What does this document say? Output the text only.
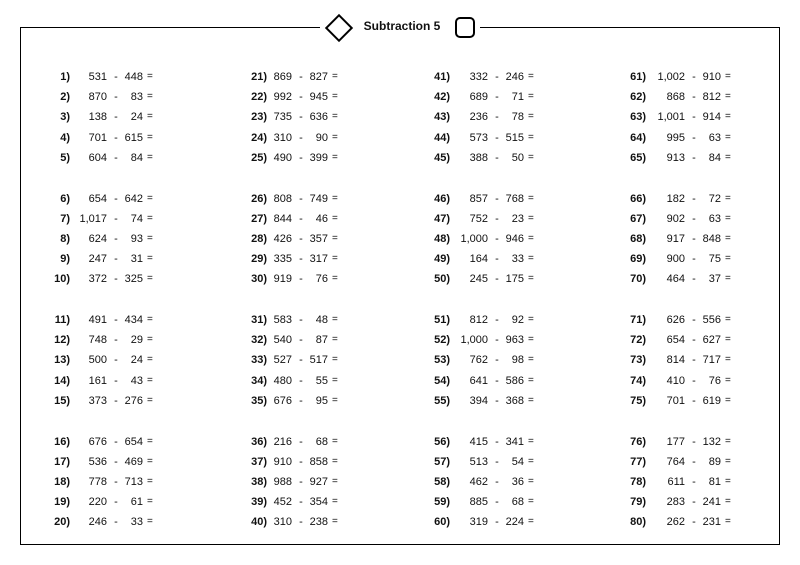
Subtraction 5
1)	531 - 448 =
2)	870 -	83 =
3)	138 -	24 =
4)	701 - 615 =
5)	604 -	84 =
6)	654 - 642 =
7) 1,017 -	74 =
8)	624 -	93 =
9)	247 -	31 =
10)	372 - 325 =
11)	491 - 434 =
12)	748 -	29 =
13)	500 -	24 =
14)	161 -	43 =
15)	373 - 276 =
16)	676 - 654 =
17)	536 - 469 =
18)	778 - 713 =
19)	220 -	61 =
20)	246 -	33 =
21) 869 - 827 =
22) 992 - 945 =
23) 735 - 636 =
24) 310 -	90 =
25) 490 - 399 =
26) 808 - 749 =
27) 844 -	46 =
28) 426 - 357 =
29) 335 - 317 =
30) 919 -	76 =
31) 583 -	48 =
32) 540 -	87 =
33) 527 - 517 =
34) 480 -	55 =
35) 676 -	95 =
36) 216 -	68 =
37) 910 - 858 =
38) 988 - 927 =
39) 452 - 354 =
40) 310 - 238 =
41)	332 - 246 =
42)	689 -	71 =
43)	236 -	78 =
44)	573 - 515 =
45)	388 -	50 =
46)	857 - 768 =
47)	752 -	23 =
48) 1,000 - 946 =
49)	164 -	33 =
50)	245 - 175 =
51)	812 -	92 =
52) 1,000 - 963 =
53)	762 -	98 =
54)	641 - 586 =
55)	394 - 368 =
56)	415 - 341 =
57)	513 -	54 =
58)	462 -	36 =
59)	885 -	68 =
60)	319 - 224 =
61)	1,002 - 910 =
62)	868 - 812 =
63)	1,001 - 914 =
64)	995 -	63 =
65)	913 -	84 =
66)	182 -	72 =
67)	902 -	63 =
68)	917 - 848 =
69)	900 -	75 =
70)	464 -	37 =
71)	626 - 556 =
72)	654 - 627 =
73)	814 - 717 =
74)	410 -	76 =
75)	701 - 619 =
76)	177 - 132 =
77)	764 -	89 =
78)	611 -	81 =
79)	283 - 241 =
80)	262 - 231 =
